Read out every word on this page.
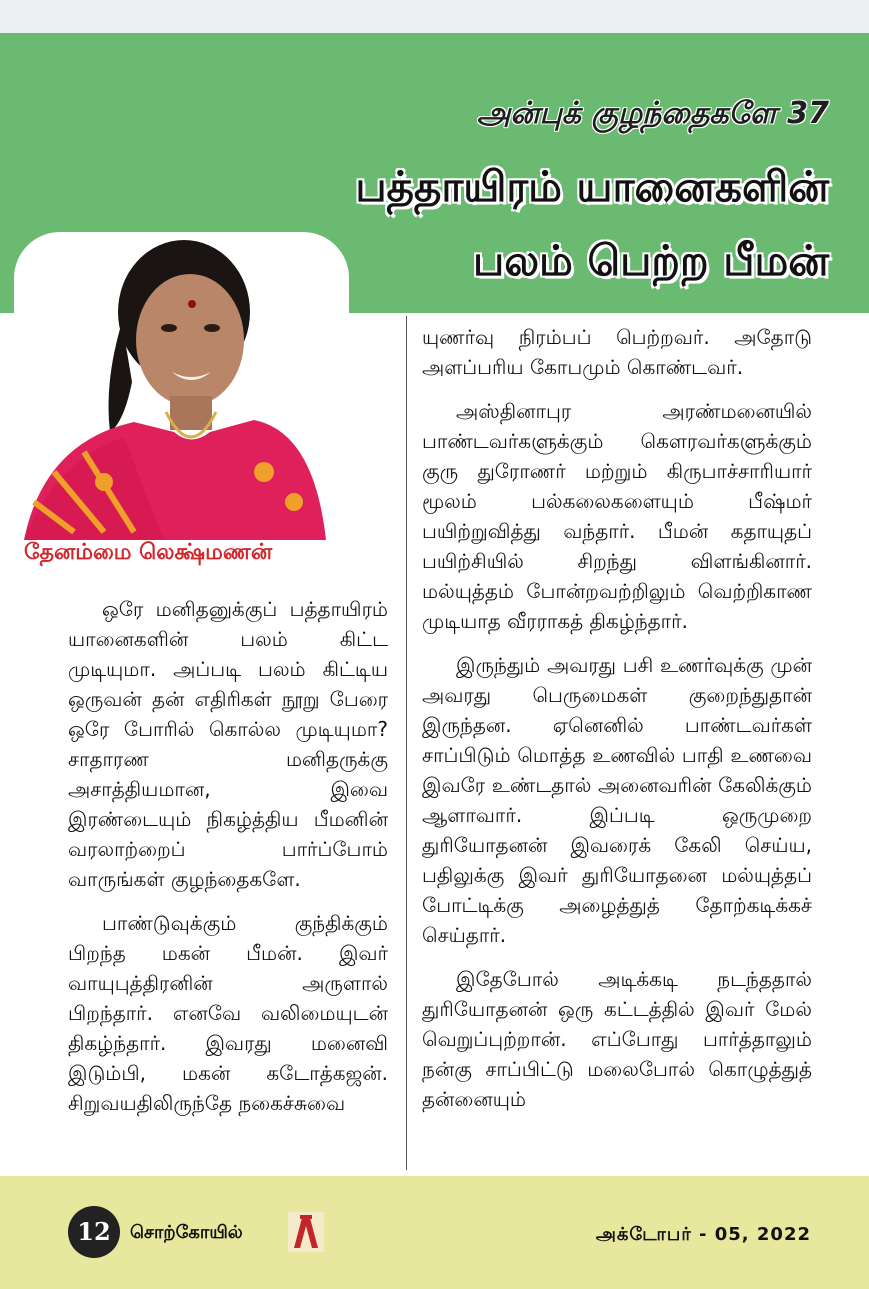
அன்புக் குழந்தைகளே 37
பத்தாயிரம் யானைகளின்
பலம் பெற்ற பீமன்
தேனம்மை லெக்ஷ்மணன்

ஒரே மனிதனுக்குப் பத்தாயிரம் யானைகளின் பலம் கிட்ட முடியுமா. அப்படி பலம் கிட்டிய ஒருவன் தன் எதிரிகள் நூறு பேரை ஒரே போரில் கொல்ல முடியுமா? சாதாரண மனிதருக்கு அசாத்தியமான, இவை இரண்டையும் நிகழ்த்திய பீமனின் வரலாற்றைப் பார்ப்போம் வாருங்கள் குழந்தைகளே.

பாண்டுவுக்கும் குந்திக்கும் பிறந்த மகன் பீமன். இவர் வாயுபுத்திரனின் அருளால் பிறந்தார். எனவே வலிமையுடன் திகழ்ந்தார். இவரது மனைவி இடும்பி, மகன் கடோத்கஜன். சிறுவயதிலிருந்தே நகைச்சுவை

யுணர்வு நிரம்பப் பெற்றவர். அதோடு அளப்பரிய கோபமும் கொண்டவர்.

அஸ்தினாபுர அரண்மனையில் பாண்டவர்களுக்கும் கௌரவர்களுக்கும் குரு துரோணர் மற்றும் கிருபாச்சாரியார் மூலம் பல்கலைகளையும் பீஷ்மர் பயிற்றுவித்து வந்தார். பீமன் கதாயுதப் பயிற்சியில் சிறந்து விளங்கினார். மல்யுத்தம் போன்றவற்றிலும் வெற்றிகாண முடியாத வீரராகத் திகழ்ந்தார்.

இருந்தும் அவரது பசி உணர்வுக்கு முன் அவரது பெருமைகள் குறைந்துதான் இருந்தன. ஏனெனில் பாண்டவர்கள் சாப்பிடும் மொத்த உணவில் பாதி உணவை இவரே உண்டதால் அனைவரின் கேலிக்கும் ஆளாவார். இப்படி ஒருமுறை துரியோதனன் இவரைக் கேலி செய்ய, பதிலுக்கு இவர் துரியோதனை மல்யுத்தப் போட்டிக்கு அழைத்துத் தோற்கடிக்கச் செய்தார்.

இதேபோல் அடிக்கடி நடந்ததால் துரியோதனன் ஒரு கட்டத்தில் இவர் மேல் வெறுப்புற்றான். எப்போது பார்த்தாலும் நன்கு சாப்பிட்டு மலைபோல் கொழுத்துத் தன்னையும்

12	சொற்கோயில்	அக்டோபர் - 05, 2022
